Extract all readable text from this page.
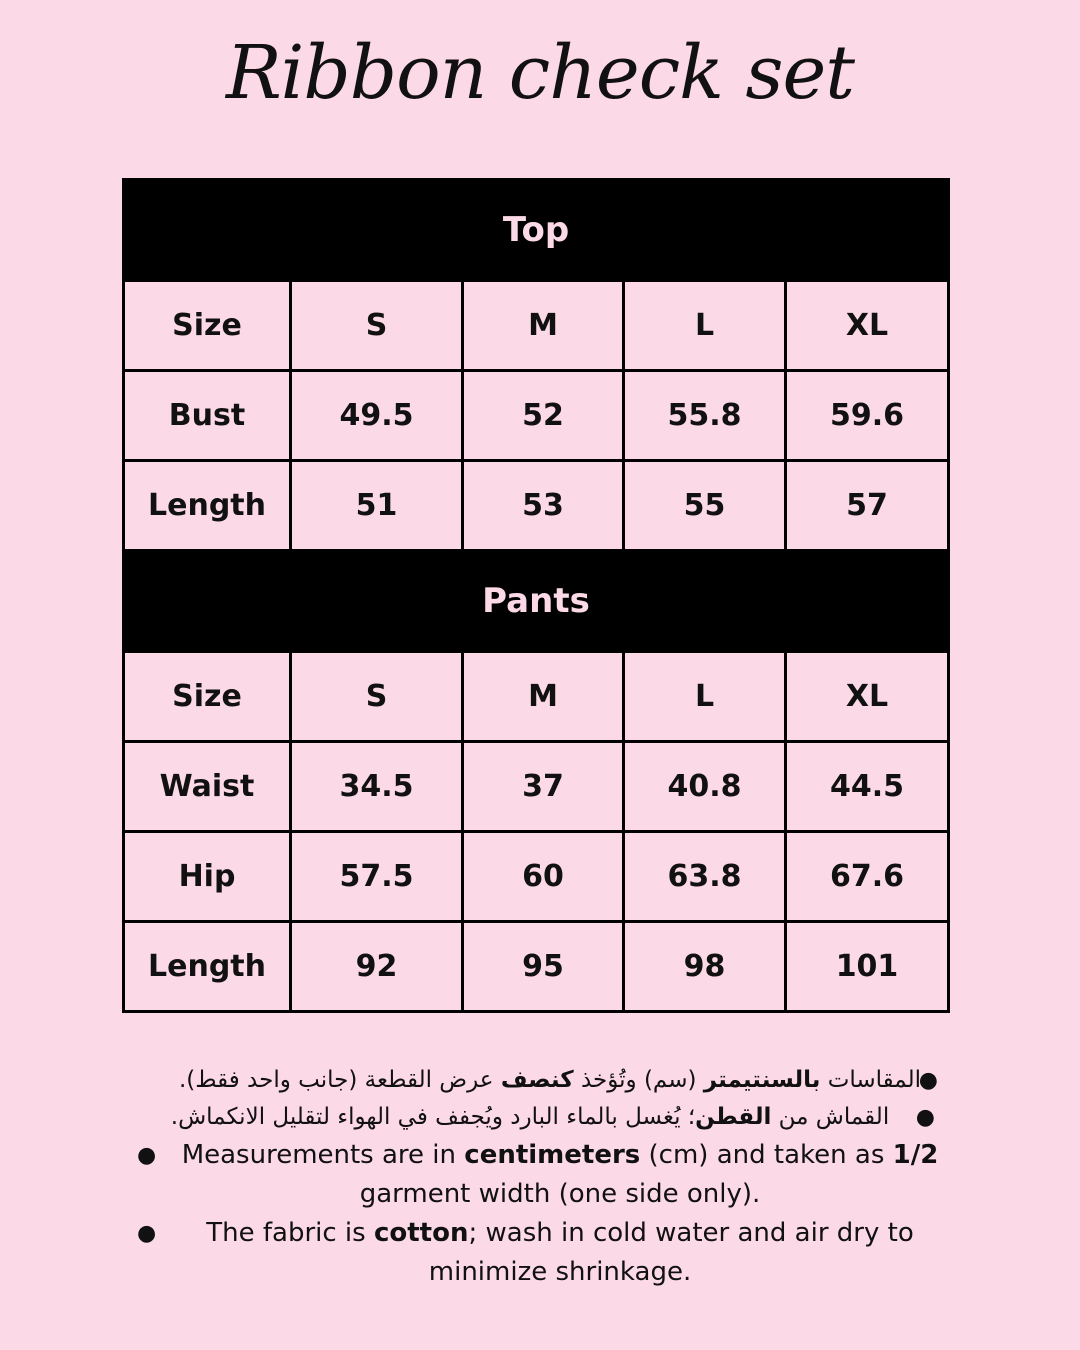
Ribbon check set
Top				
Size	S	M	L	XL
Bust	49.5	52	55.8	59.6
Length	51	53	55	57
Pants				
Size	S	M	L	XL
Waist	34.5	37	40.8	44.5
Hip	57.5	60	63.8	67.6
Length	92	95	98	101
●
المقاسات بالسنتيمتر (سم) وتُؤخذ كنصف عرض القطعة (جانب واحد فقط).
●
القماش من القطن؛ يُغسل بالماء البارد ويُجفف في الهواء لتقليل الانكماش.
● Measurements are in centimeters (cm) and taken as 1/2 garment width (one side only).
● The fabric is cotton; wash in cold water and air dry to minimize shrinkage.
